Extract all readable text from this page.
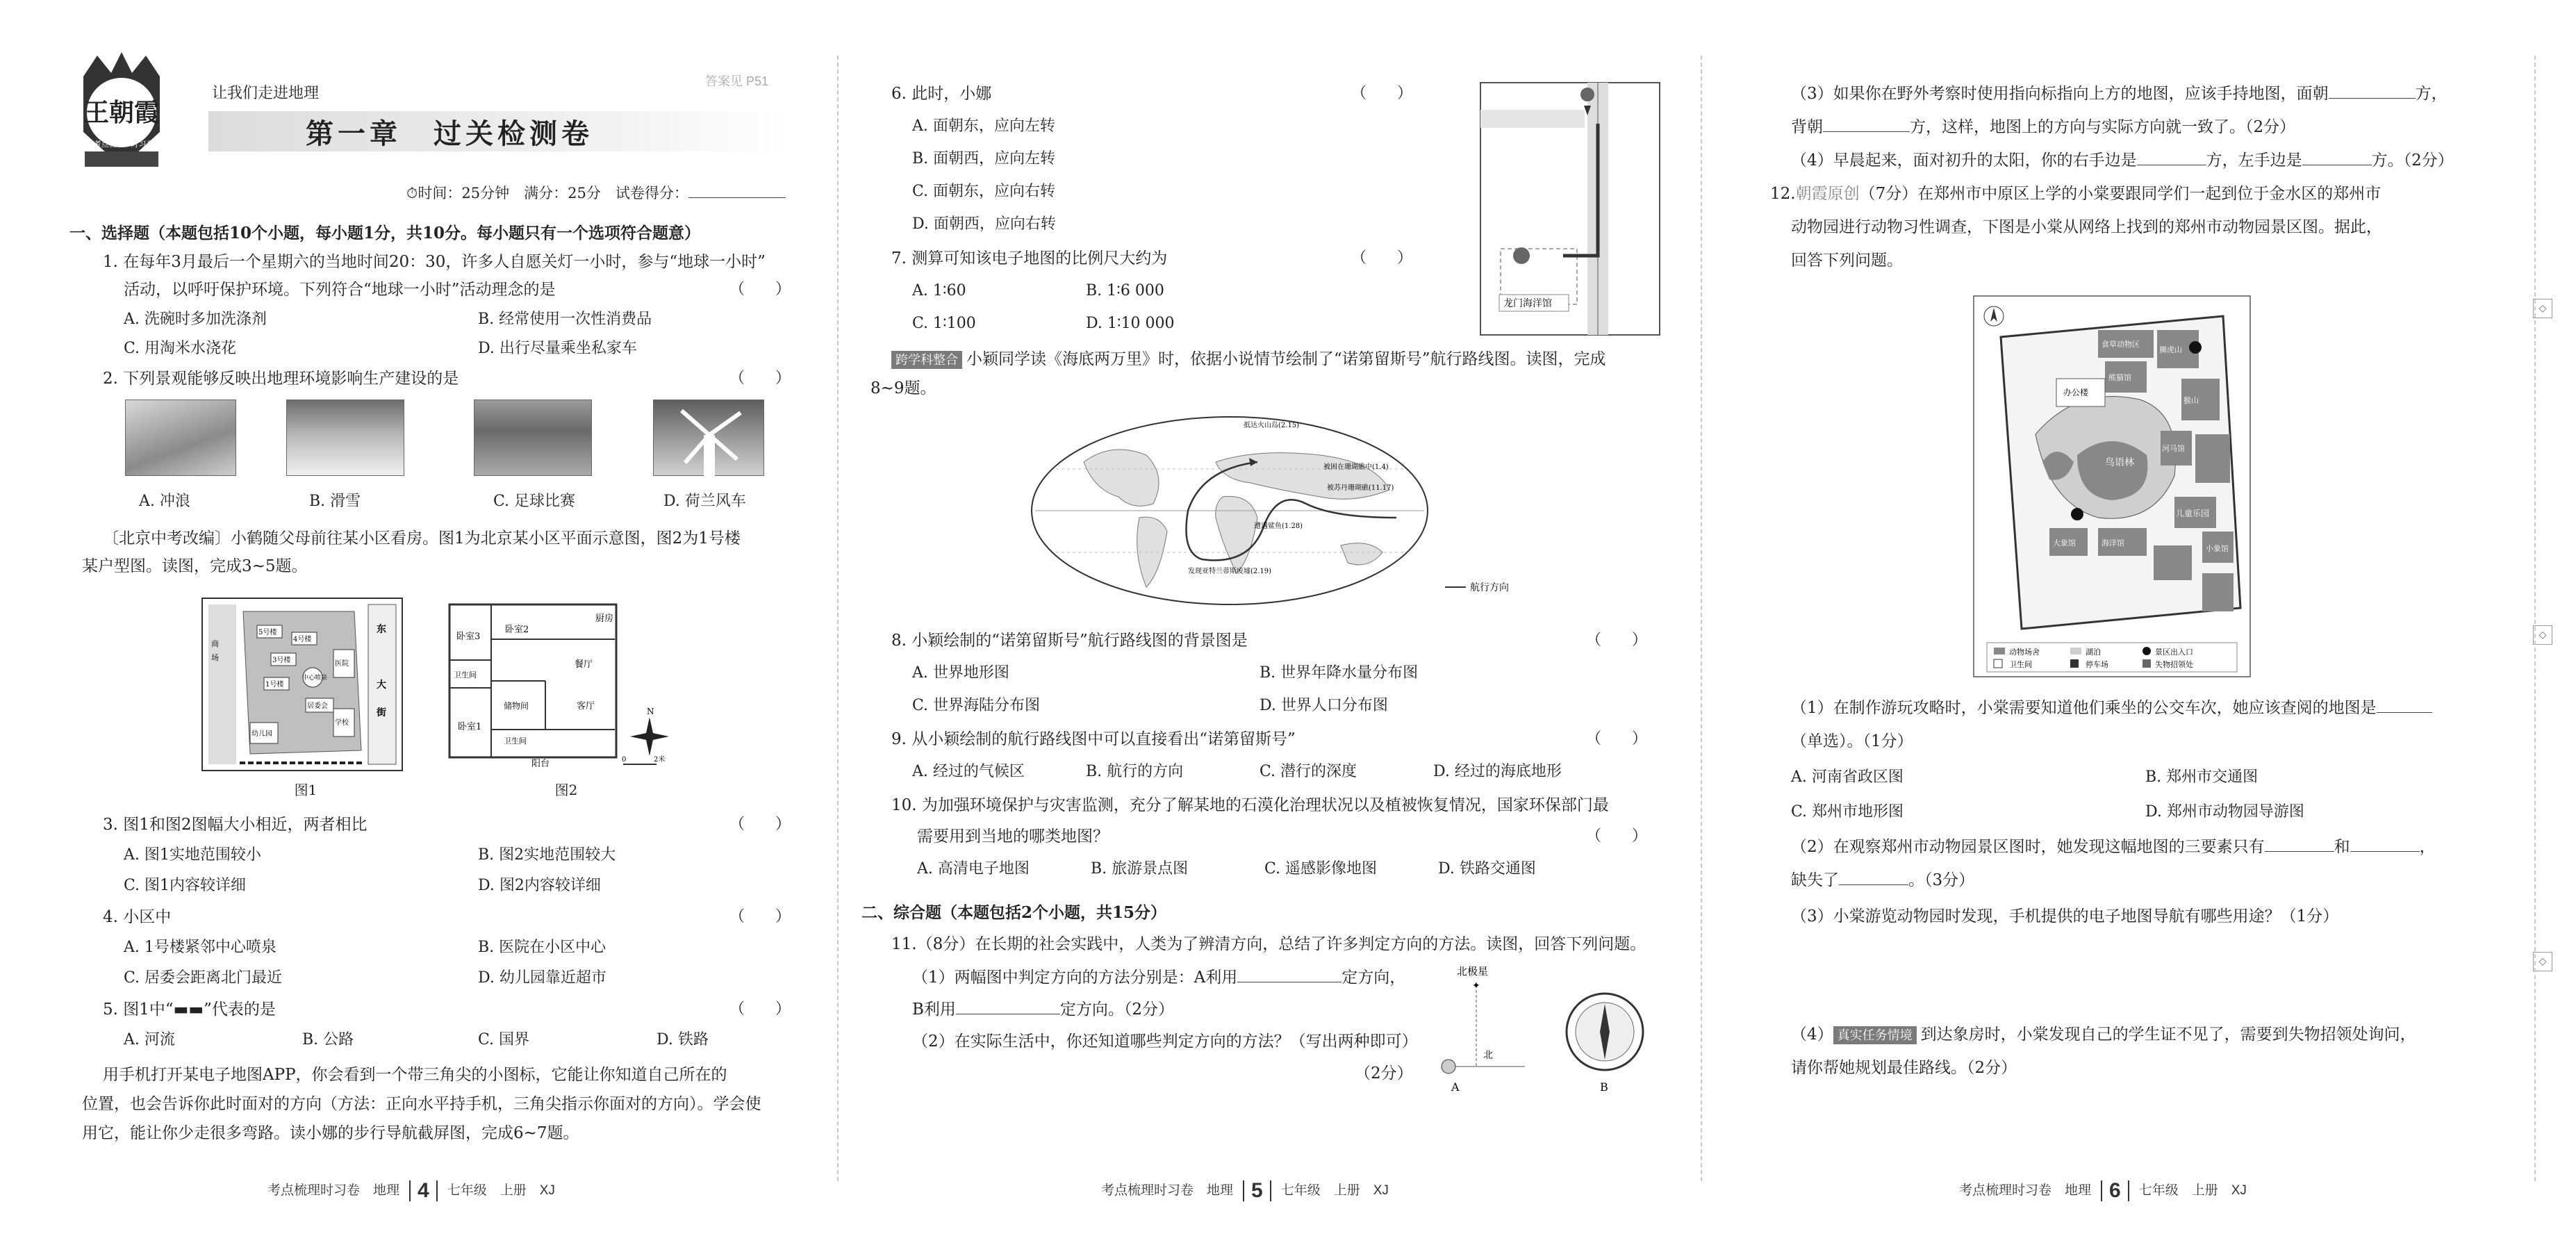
王朝霞
考点梳理 · 时习卷
让我们走进地理
答案见 P51
第一章　过关检测卷
⏱时间：25分钟　满分：25分　试卷得分：
一、选择题（本题包括10个小题，每小题1分，共10分。每小题只有一个选项符合题意）
1. 在每年3月最后一个星期六的当地时间20：30，许多人自愿关灯一小时，参与“地球一小时”
活动，以呼吁保护环境。下列符合“地球一小时”活动理念的是	（　　）
A. 洗碗时多加洗涤剂	B. 经常使用一次性消费品
C. 用淘米水浇花	D. 出行尽量乘坐私家车
2. 下列景观能够反映出地理环境影响生产建设的是	（　　）
A. 冲浪	B. 滑雪	C. 足球比赛	D. 荷兰风车
〔北京中考改编〕小鹤随父母前往某小区看房。图1为北京某小区平面示意图，图2为1号楼
某户型图。读图，完成3~5题。
5号楼
4号楼
3号楼
1号楼
中心喷泉
居委会
医院
学校
幼儿园
商
场
东
大
街
图1
厨房
卧室3
卧室2
卫生间
餐厅
储物间	客厅
卧室1
卫生间
阳台
N
0	2米
图2
3. 图1和图2图幅大小相近，两者相比	（　　）
A. 图1实地范围较小	B. 图2实地范围较大
C. 图1内容较详细	D. 图2内容较详细
4. 小区中	（　　）
A. 1号楼紧邻中心喷泉	B. 医院在小区中心
C. 居委会距离北门最近	D. 幼儿园靠近超市
5. 图1中“▬▬”代表的是	（　　）
A. 河流	B. 公路	C. 国界	D. 铁路
用手机打开某电子地图APP，你会看到一个带三角尖的小图标，它能让你知道自己所在的
位置，也会告诉你此时面对的方向（方法：正向水平持手机，三角尖指示你面对的方向）。学会使
用它，能让你少走很多弯路。读小娜的步行导航截屏图，完成6~7题。
考点梳理时习卷　地理 4	七年级　上册　XJ
6. 此时，小娜	（　　）
A. 面朝东，应向左转
B. 面朝西，应向左转
C. 面朝东，应向右转
D. 面朝西，应向右转
龙门海洋馆
7. 测算可知该电子地图的比例尺大约为	（　　）
A. 1∶60	B. 1∶6 000
C. 1∶100	D. 1∶10 000
跨学科整合 小颖同学读《海底两万里》时，依据小说情节绘制了“诺第留斯号”航行路线图。读图，完成
8~9题。
抵达火山岛(2.15)
被困在珊瑚礁中(1.4)
被苏丹珊瑚礁(11.17)
遭遇鲨鱼(1.28)
发现亚特兰蒂斯废墟(2.19)
航行方向
8. 小颖绘制的“诺第留斯号”航行路线图的背景图是	（　　）
A. 世界地形图	B. 世界年降水量分布图
C. 世界海陆分布图	D. 世界人口分布图
9. 从小颖绘制的航行路线图中可以直接看出“诺第留斯号”	（　　）
A. 经过的气候区	B. 航行的方向	C. 潜行的深度	D. 经过的海底地形
10. 为加强环境保护与灾害监测，充分了解某地的石漠化治理状况以及植被恢复情况，国家环保部门最
需要用到当地的哪类地图？	（　　）
A. 高清电子地图	B. 旅游景点图	C. 遥感影像地图	D. 铁路交通图
二、综合题（本题包括2个小题，共15分）
11.（8分）在长期的社会实践中，人类为了辨清方向，总结了许多判定方向的方法。读图，回答下列问题。
（1）两幅图中判定方向的方法分别是：A利用	定方向，
B利用	定方向。（2分）
（2）在实际生活中，你还知道哪些判定方向的方法？（写出两种即可）
（2分）
北极星
✦
北
A	B
考点梳理时习卷　地理 5	七年级　上册　XJ
（3）如果你在野外考察时使用指向标指向上方的地图，应该手持地图，面朝	方，
背朝	方，这样，地图上的方向与实际方向就一致了。（2分）
（4）早晨起来，面对初升的太阳，你的右手边是	方，左手边是	方。（2分）
12.朝霞原创（7分）在郑州市中原区上学的小棠要跟同学们一起到位于金水区的郑州市
动物园进行动物习性调查，下图是小棠从网络上找到的郑州市动物园景区图。据此，
回答下列问题。
食草动物区
狮虎山
熊猫馆
办公楼
猴山
河马馆
鸟语林
儿童乐园
海洋馆
小象馆
大象馆
动物场舍	湖泊	景区出入口
卫生间	停车场	失物招领处
（1）在制作游玩攻略时，小棠需要知道他们乘坐的公交车次，她应该查阅的地图是
（单选）。（1分）
A. 河南省政区图	B. 郑州市交通图
C. 郑州市地形图	D. 郑州市动物园导游图
（2）在观察郑州市动物园景区图时，她发现这幅地图的三要素只有	和	，
缺失了	。（3分）
（3）小棠游览动物园时发现，手机提供的电子地图导航有哪些用途？（1分）
（4） 真实任务情境 到达象房时，小棠发现自己的学生证不见了，需要到失物招领处询问，
请你帮她规划最佳路线。（2分）
◇
◇
◇
考点梳理时习卷　地理 6	七年级　上册　XJ
